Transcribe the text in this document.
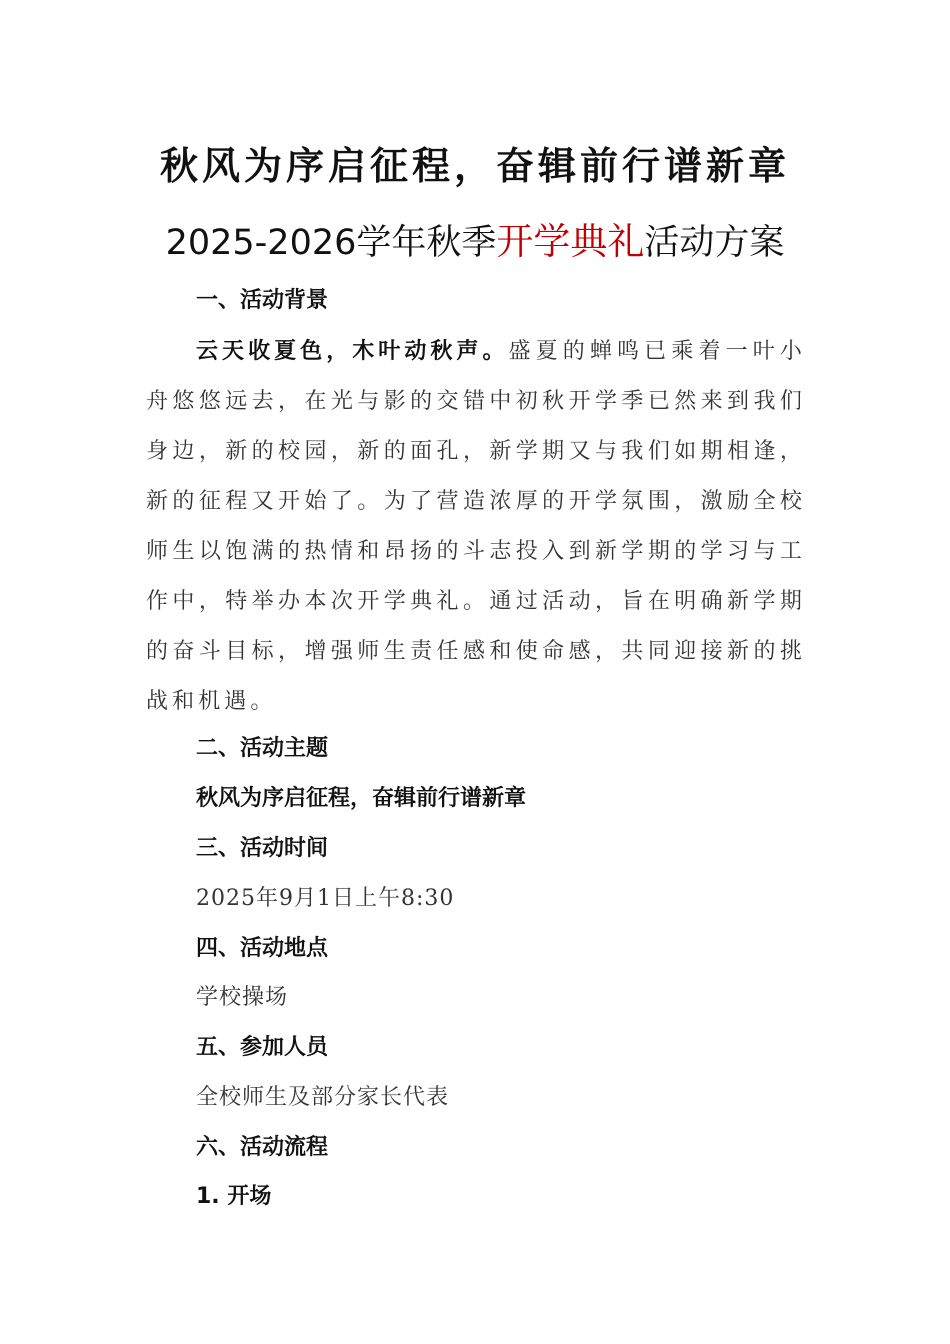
秋风为序启征程，奋辑前行谱新章
2025-2026学年秋季开学典礼活动方案
一、活动背景
云天收夏色，木叶动秋声。盛夏的蝉鸣已乘着一叶小舟悠悠远去，在光与影的交错中初秋开学季已然来到我们身边，新的校园，新的面孔，新学期又与我们如期相逢，新的征程又开始了。为了营造浓厚的开学氛围，激励全校师生以饱满的热情和昂扬的斗志投入到新学期的学习与工作中，特举办本次开学典礼。通过活动，旨在明确新学期的奋斗目标，增强师生责任感和使命感，共同迎接新的挑战和机遇。
二、活动主题
秋风为序启征程，奋辑前行谱新章
三、活动时间
2025年9月1日上午8:30
四、活动地点
学校操场
五、参加人员
全校师生及部分家长代表
六、活动流程
1. 开场
